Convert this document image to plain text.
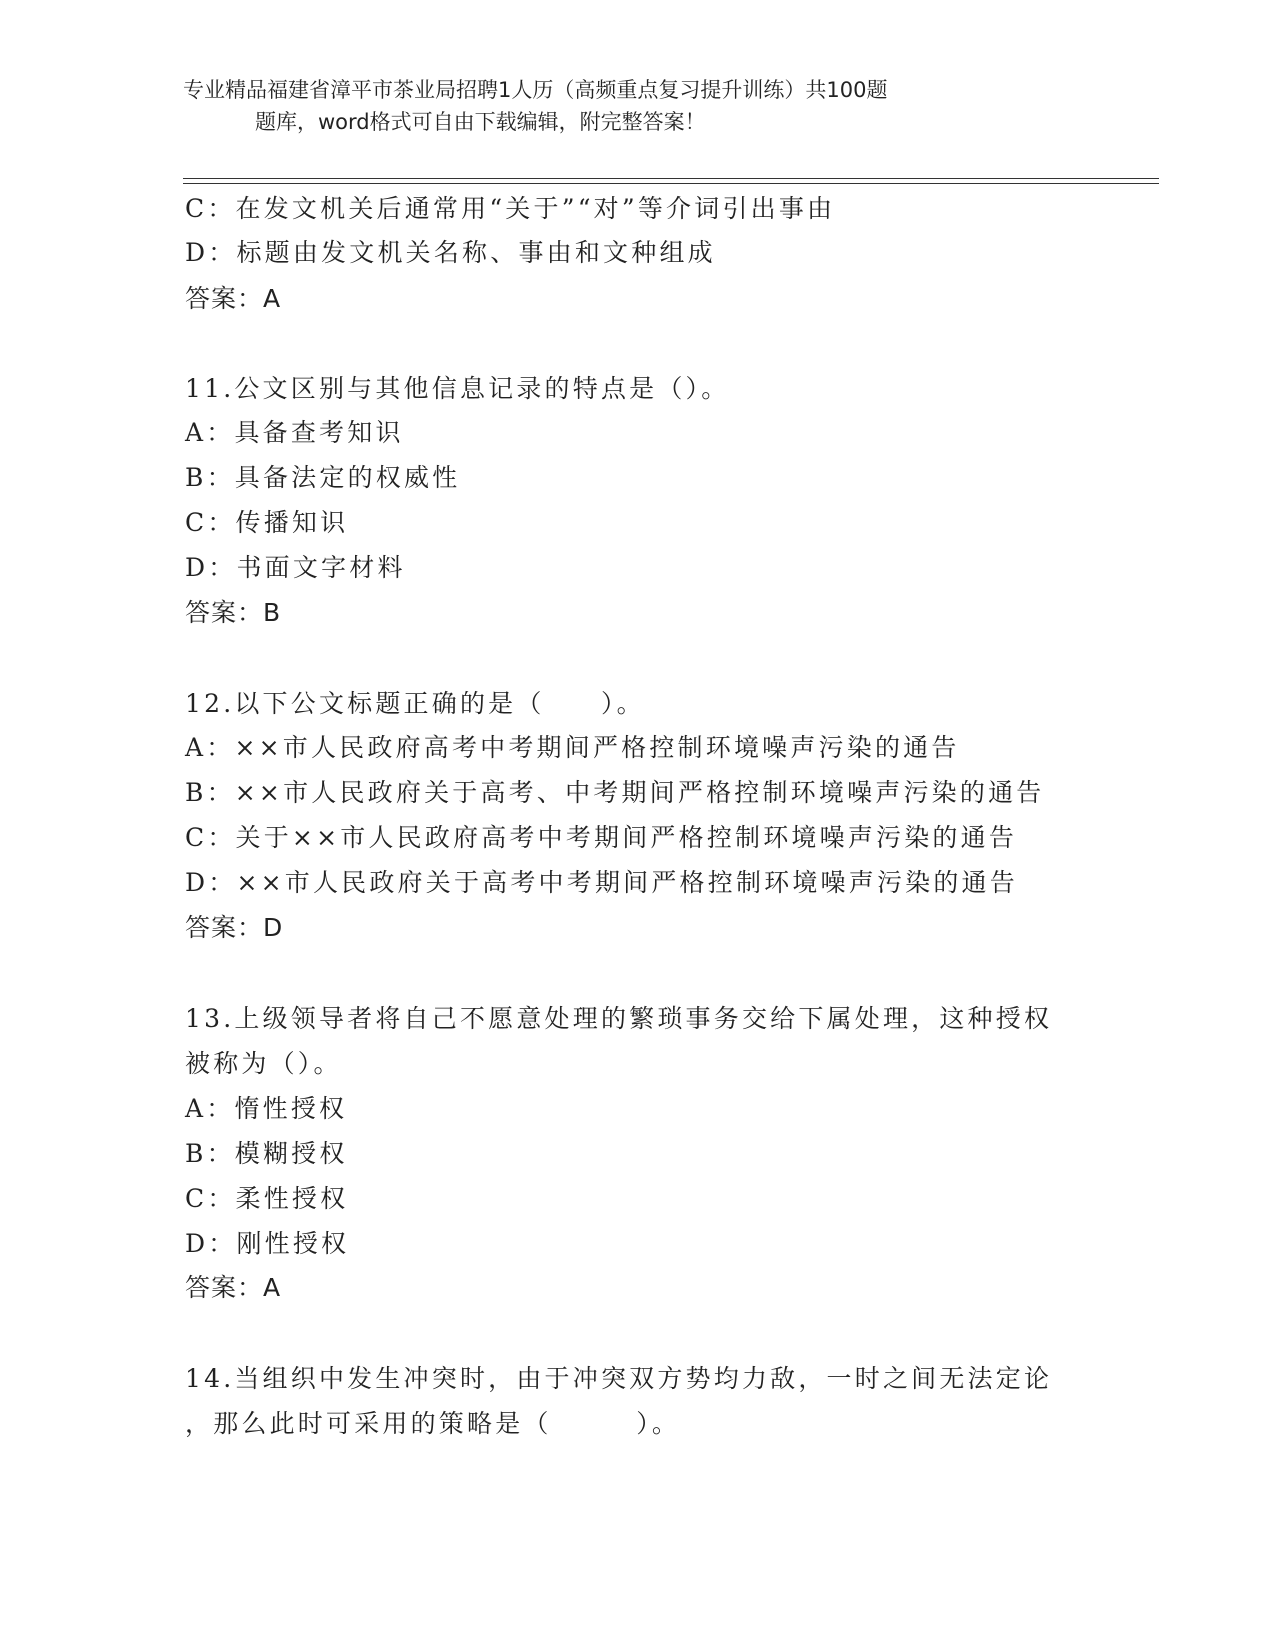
专业精品福建省漳平市茶业局招聘1人历（高频重点复习提升训练）共100题
题库，word格式可自由下载编辑，附完整答案！
C：在发文机关后通常用“关于”“对”等介词引出事由
D：标题由发文机关名称、事由和文种组成
答案：A
11.公文区别与其他信息记录的特点是（）。
A：具备查考知识
B：具备法定的权威性
C：传播知识
D：书面文字材料
答案：B
12.以下公文标题正确的是（　　）。
A：××市人民政府高考中考期间严格控制环境噪声污染的通告
B：××市人民政府关于高考、中考期间严格控制环境噪声污染的通告
C：关于××市人民政府高考中考期间严格控制环境噪声污染的通告
D：××市人民政府关于高考中考期间严格控制环境噪声污染的通告
答案：D
13.上级领导者将自己不愿意处理的繁琐事务交给下属处理，这种授权
被称为（）。
A：惰性授权
B：模糊授权
C：柔性授权
D：刚性授权
答案：A
14.当组织中发生冲突时，由于冲突双方势均力敌，一时之间无法定论
，那么此时可采用的策略是（　　　）。
